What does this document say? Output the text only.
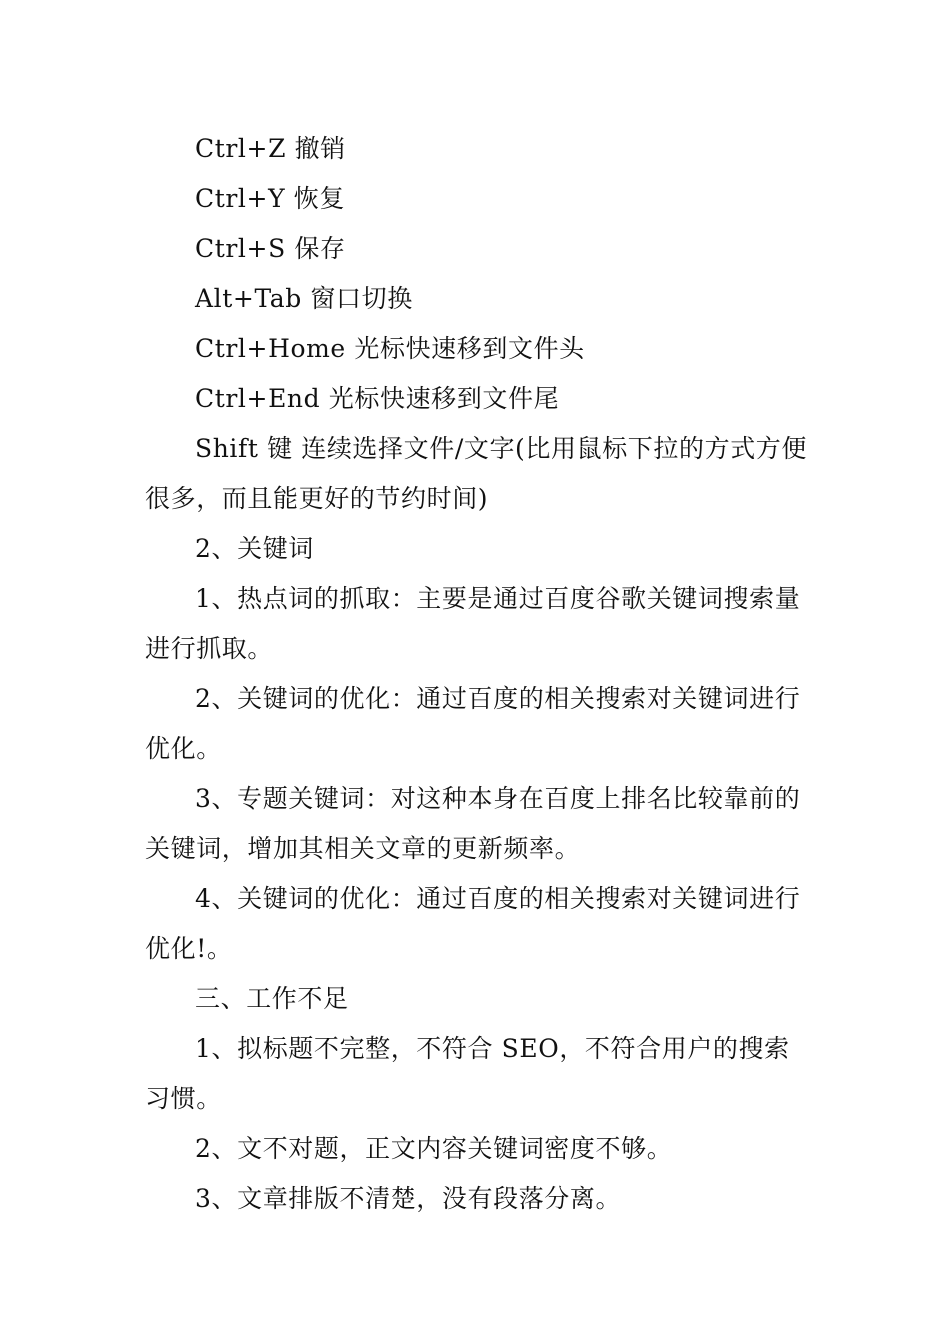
Ctrl+Z 撤销

Ctrl+Y 恢复

Ctrl+S 保存

Alt+Tab 窗口切换

Ctrl+Home 光标快速移到文件头

Ctrl+End 光标快速移到文件尾

Shift 键 连续选择文件/文字(比用鼠标下拉的方式方便很多，而且能更好的节约时间)

2、关键词

1、热点词的抓取：主要是通过百度谷歌关键词搜索量进行抓取。

2、关键词的优化：通过百度的相关搜索对关键词进行优化。

3、专题关键词：对这种本身在百度上排名比较靠前的关键词，增加其相关文章的更新频率。

4、关键词的优化：通过百度的相关搜索对关键词进行优化!。

三、工作不足

1、拟标题不完整，不符合 SEO，不符合用户的搜索习惯。

2、文不对题，正文内容关键词密度不够。

3、文章排版不清楚，没有段落分离。
